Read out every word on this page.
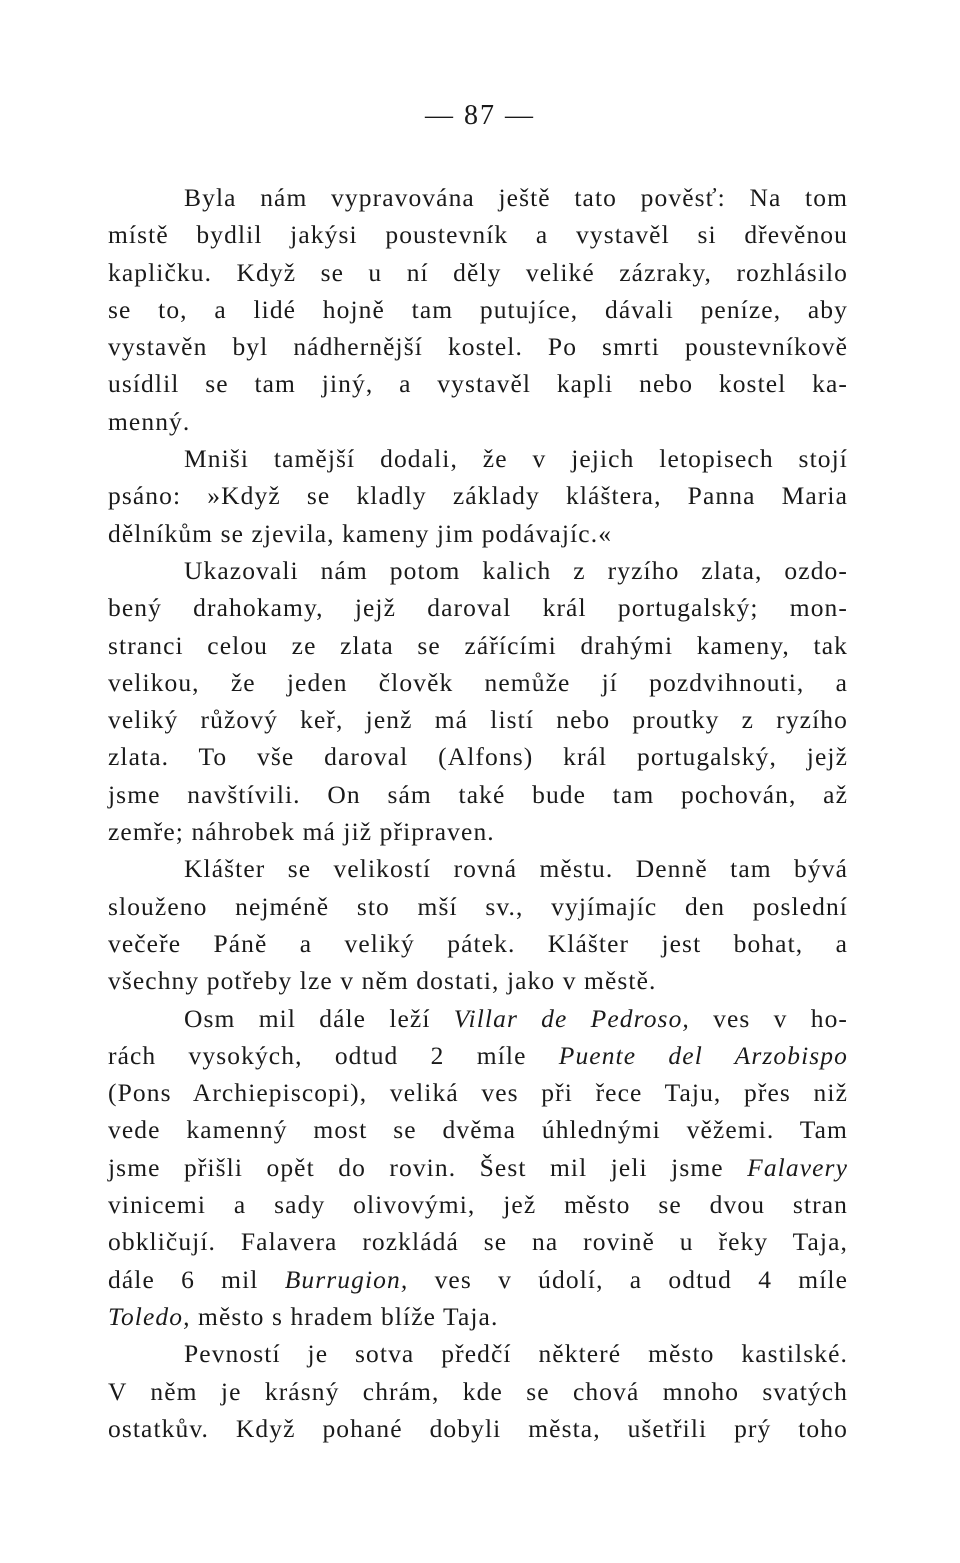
— 87 —
Byla nám vypravována ještě tato pověsť: Na tom
místě bydlil jakýsi poustevník a vystavěl si dřevěnou
kapličku. Když se u ní děly veliké zázraky, rozhlásilo
se to, a lidé hojně tam putujíce, dávali peníze, aby
vystavěn byl nádhernější kostel. Po smrti poustevníkově
usídlil se tam jiný, a vystavěl kapli nebo kostel ka-
menný.
Mniši tamější dodali, že v jejich letopisech stojí
psáno: »Když se kladly základy kláštera, Panna Maria
dělníkům se zjevila, kameny jim podávajíc.«
Ukazovali nám potom kalich z ryzího zlata, ozdo-
bený drahokamy, jejž daroval král portugalský; mon-
stranci celou ze zlata se zářícími drahými kameny, tak
velikou, že jeden člověk nemůže jí pozdvihnouti, a
veliký růžový keř, jenž má listí nebo proutky z ryzího
zlata. To vše daroval (Alfons) král portugalský, jejž
jsme navštívili. On sám také bude tam pochován, až
zemře; náhrobek má již připraven.
Klášter se velikostí rovná městu. Denně tam bývá
slouženo nejméně sto mší sv., vyjímajíc den poslední
večeře Páně a veliký pátek. Klášter jest bohat, a
všechny potřeby lze v něm dostati, jako v městě.
Osm mil dále leží Villar de Pedroso, ves v ho-
rách vysokých, odtud 2 míle Puente del Arzobispo
(Pons Archiepiscopi), veliká ves při řece Taju, přes niž
vede kamenný most se dvěma úhlednými věžemi. Tam
jsme přišli opět do rovin. Šest mil jeli jsme Falavery
vinicemi a sady olivovými, jež město se dvou stran
obkličují. Falavera rozkládá se na rovině u řeky Taja,
dále 6 mil Burrugion, ves v údolí, a odtud 4 míle
Toledo, město s hradem blíže Taja.
Pevností je sotva předčí některé město kastilské.
V něm je krásný chrám, kde se chová mnoho svatých
ostatkův. Když pohané dobyli města, ušetřili prý toho
